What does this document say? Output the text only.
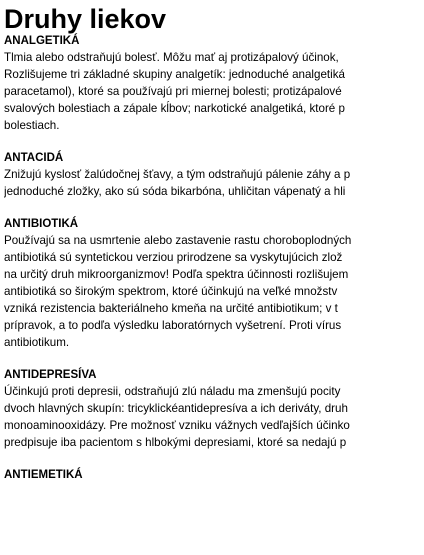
Druhy liekov
ANALGETIKÁ
Tlmia alebo odstraňujú bolesť. Môžu mať aj protizápalový účinok,
Rozlišujeme tri základné skupiny analgetík: jednoduché analgetiká
paracetamol), ktoré sa používajú pri miernej bolesti; protizápalové
svalových bolestiach a zápale kĺbov; narkotické analgetiká, ktoré p
bolestiach.
ANTACIDÁ
Znižujú kyslosť žalúdočnej šťavy, a tým odstraňujú pálenie záhy a p
jednoduché zložky, ako sú sóda bikarbóna, uhličitan vápenatý a hli
ANTIBIOTIKÁ
Používajú sa na usmrtenie alebo zastavenie rastu choroboplodných
antibiotiká sú syntetickou verziou prirodzene sa vyskytujúcich zlož
na určitý druh mikroorganizmov! Podľa spektra účinnosti rozlišujem
antibiotiká so širokým spektrom, ktoré účinkujú na veľké množstv
vzniká rezistencia bakteriálneho kmeňa na určité antibiotikum; v t
prípravok, a to podľa výsledku laboratórnych vyšetrení. Proti vírus
antibiotikum.
ANTIDEPRESÍVA
Účinkujú proti depresii, odstraňujú zlú náladu ma zmenšujú pocity
dvoch hlavných skupín: tricyklickéantidepresíva a ich deriváty, druh
monoaminooxidázy. Pre možnosť vzniku vážnych vedľajších účinko
predpisuje iba pacientom s hlbokými depresiami, ktoré sa nedajú p
ANTIEMETIKÁ
